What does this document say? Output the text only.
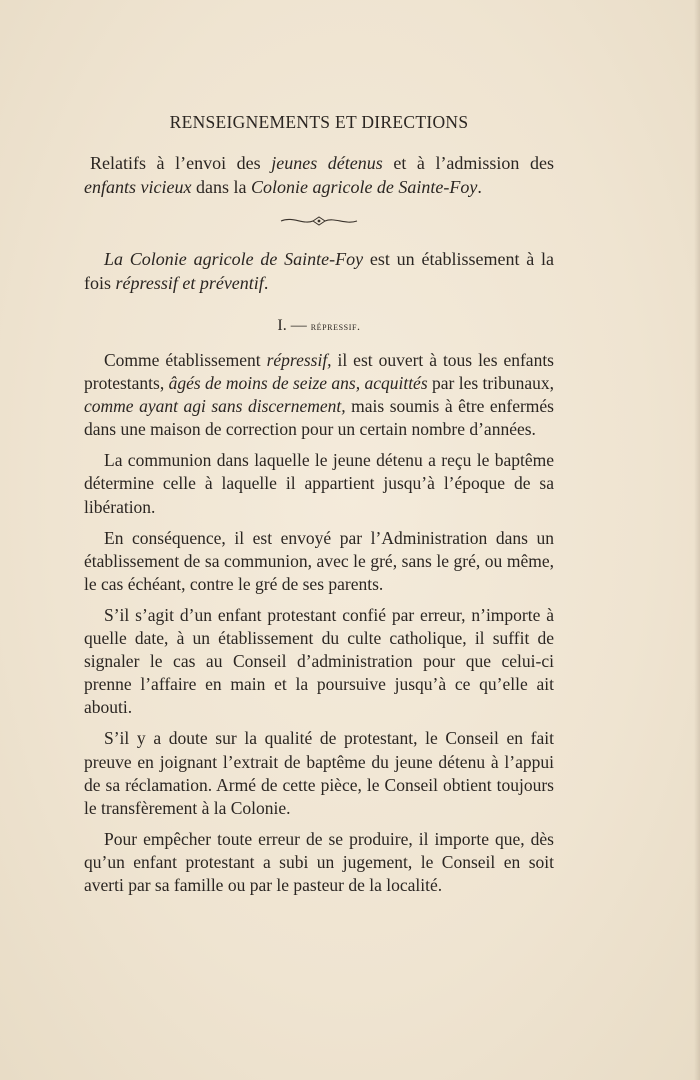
RENSEIGNEMENTS ET DIRECTIONS

Relatifs à l’envoi des jeunes détenus et à l’admission des enfants vicieux dans la Colonie agricole de Sainte-Foy.

La Colonie agricole de Sainte-Foy est un établissement à la fois répressif et préventif.

I. — répressif.

Comme établissement répressif, il est ouvert à tous les enfants protestants, âgés de moins de seize ans, acquittés par les tribunaux, comme ayant agi sans discernement, mais soumis à être enfermés dans une maison de correction pour un certain nombre d’années.

La communion dans laquelle le jeune détenu a reçu le baptême détermine celle à laquelle il appartient jusqu’à l’époque de sa libération.

En conséquence, il est envoyé par l’Administration dans un établissement de sa communion, avec le gré, sans le gré, ou même, le cas échéant, contre le gré de ses parents.

S’il s’agit d’un enfant protestant confié par erreur, n’importe à quelle date, à un établissement du culte catholique, il suffit de signaler le cas au Conseil d’administration pour que celui-ci prenne l’affaire en main et la poursuive jusqu’à ce qu’elle ait abouti.

S’il y a doute sur la qualité de protestant, le Conseil en fait preuve en joignant l’extrait de baptême du jeune détenu à l’appui de sa réclamation. Armé de cette pièce, le Conseil obtient toujours le transfèrement à la Colonie.

Pour empêcher toute erreur de se produire, il importe que, dès qu’un enfant protestant a subi un jugement, le Conseil en soit averti par sa famille ou par le pasteur de la localité.
